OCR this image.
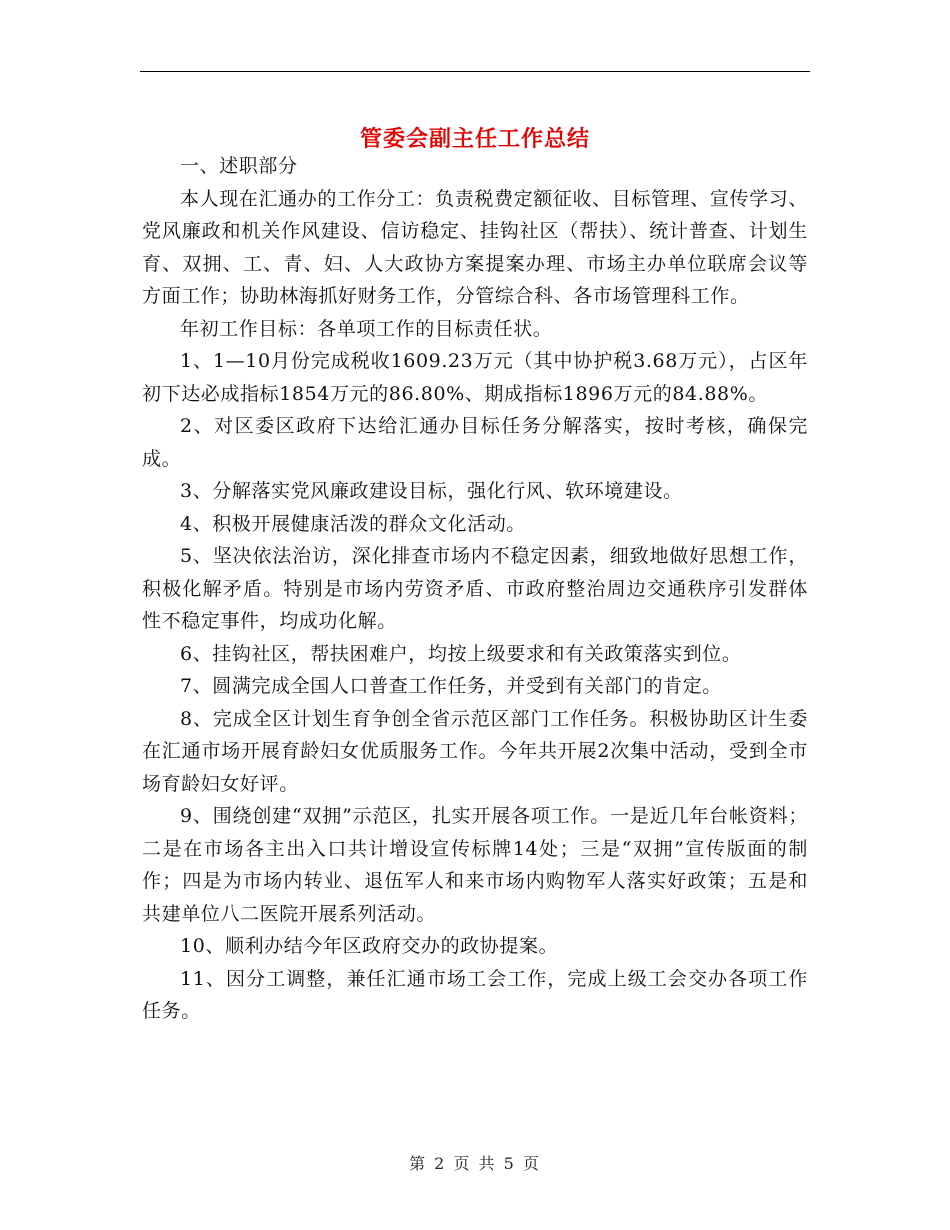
管委会副主任工作总结

一、述职部分

本人现在汇通办的工作分工：负责税费定额征收、目标管理、宣传学习、党风廉政和机关作风建设、信访稳定、挂钩社区（帮扶）、统计普查、计划生育、双拥、工、青、妇、人大政协方案提案办理、市场主办单位联席会议等方面工作；协助林海抓好财务工作，分管综合科、各市场管理科工作。

年初工作目标：各单项工作的目标责任状。

1、1—10月份完成税收1609.23万元（其中协护税3.68万元），占区年初下达必成指标1854万元的86.80%、期成指标1896万元的84.88%。

2、对区委区政府下达给汇通办目标任务分解落实，按时考核，确保完成。

3、分解落实党风廉政建设目标，强化行风、软环境建设。

4、积极开展健康活泼的群众文化活动。

5、坚决依法治访，深化排查市场内不稳定因素，细致地做好思想工作，积极化解矛盾。特别是市场内劳资矛盾、市政府整治周边交通秩序引发群体性不稳定事件，均成功化解。

6、挂钩社区，帮扶困难户，均按上级要求和有关政策落实到位。

7、圆满完成全国人口普查工作任务，并受到有关部门的肯定。

8、完成全区计划生育争创全省示范区部门工作任务。积极协助区计生委在汇通市场开展育龄妇女优质服务工作。今年共开展2次集中活动，受到全市场育龄妇女好评。

9、围绕创建“双拥”示范区，扎实开展各项工作。一是近几年台帐资料；二是在市场各主出入口共计增设宣传标牌14处；三是“双拥”宣传版面的制作；四是为市场内转业、退伍军人和来市场内购物军人落实好政策；五是和共建单位八二医院开展系列活动。

10、顺利办结今年区政府交办的政协提案。

11、因分工调整，兼任汇通市场工会工作，完成上级工会交办各项工作任务。

第 2 页 共 5 页
